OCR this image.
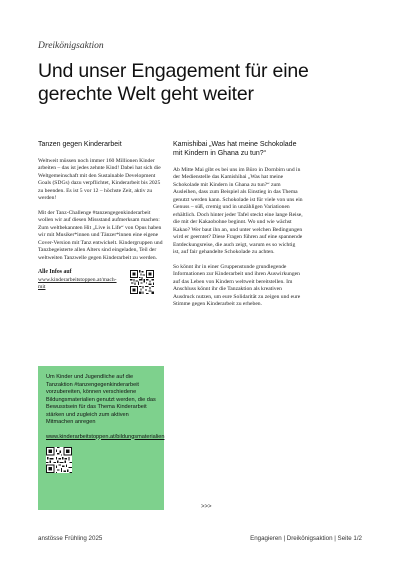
Dreikönigsaktion
Und unser Engagement für eine gerechte Welt geht weiter
Tanzen gegen Kinderarbeit

Weltweit müssen noch immer 160 Millionen Kinder arbeiten – das ist jedes zehnte Kind! Dabei hat sich die Weltgemeinschaft mit den Sustainable Development Goals (SDGs) dazu verpflichtet, Kinderarbeit bis 2025 zu beenden. Es ist 5 vor 12 – höchste Zeit, aktiv zu werden!

Mit der Tanz-Challenge #tanzengegenkinderarbeit wollen wir auf diesen Missstand aufmerksam machen: Zum weltbekannten Hit „Live is Life“ von Opus haben wir mit Musiker*innen und Tänzer*innen eine eigene Cover-Version mit Tanz entwickelt. Kindergruppen und Tanzbegeisterte allen Alters sind eingeladen, Teil der weltweiten Tanzwelle gegen Kinderarbeit zu werden.

Alle Infos auf
www.kinderarbeitstoppen.at/mach-mit

Um Kinder und Jugendliche auf die Tanzaktion #tanzengegenkinderarbeit vorzubereiten, können verschiedene Bildungsmaterialien genutzt werden, die das Bewusstsein für das Thema Kinderarbeit stärken und zugleich zum aktiven Mitmachen anregen

www.kinderarbeitstoppen.at/bildungsmaterialien

Kamishibai „Was hat meine Schokolade mit Kindern in Ghana zu tun?“

Ab Mitte Mai gibt es bei uns im Büro in Dornbirn und in der Medienstelle das Kamishibai „Was hat meine Schokolade mit Kindern in Ghana zu tun?“ zum Ausleihen, dass zum Beispiel als Einstieg in das Thema genutzt werden kann. Schokolade ist für viele von uns ein Genuss – süß, cremig und in unzähligen Variationen erhältlich. Doch hinter jeder Tafel steckt eine lange Reise, die mit der Kakaobohne beginnt. Wo und wie wächst Kakao? Wer baut ihn an, und unter welchen Bedingungen wird er geerntet? Diese Fragen führen auf eine spannende Entdeckungsreise, die auch zeigt, warum es so wichtig ist, auf fair gehandelte Schokolade zu achten.

So könnt ihr in einer Gruppenstunde grundlegende Informationen zur Kinderarbeit und ihren Auswirkungen auf das Leben von Kindern weltweit bereitstellen. Im Anschluss könnt ihr die Tanzaktion als kreativen Ausdruck nutzen, um eure Solidarität zu zeigen und eure Stimme gegen Kinderarbeit zu erheben.

>>>
anstösse Frühling 2025	Engagieren | Dreikönigsaktion | Seite 1/2
